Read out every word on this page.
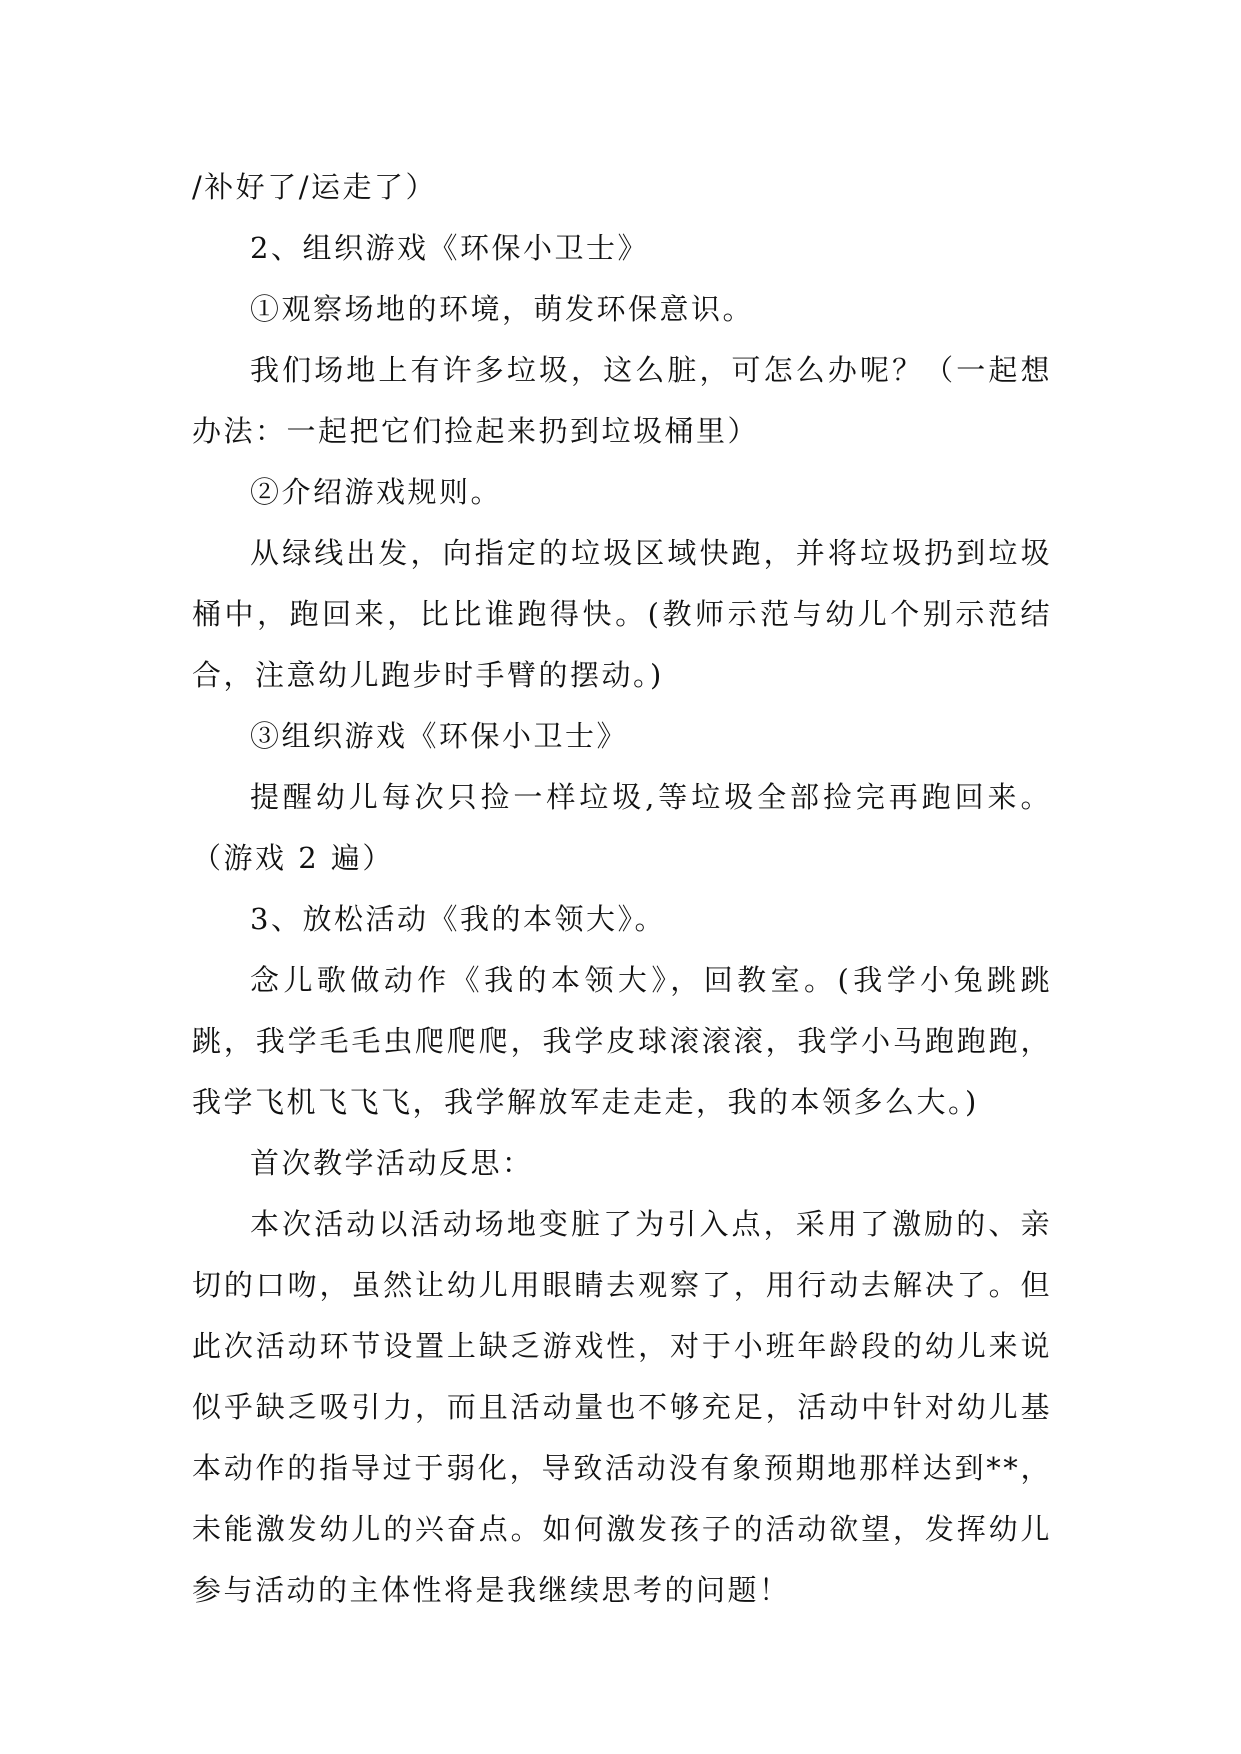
/补好了/运走了）

2、组织游戏《环保小卫士》

①观察场地的环境，萌发环保意识。

我们场地上有许多垃圾，这么脏，可怎么办呢？（一起想办法：一起把它们捡起来扔到垃圾桶里）

②介绍游戏规则。

从绿线出发，向指定的垃圾区域快跑，并将垃圾扔到垃圾桶中，跑回来，比比谁跑得快。(教师示范与幼儿个别示范结合，注意幼儿跑步时手臂的摆动。)

③组织游戏《环保小卫士》

提醒幼儿每次只捡一样垃圾,等垃圾全部捡完再跑回来。（游戏 2 遍）

3、放松活动《我的本领大》。

念儿歌做动作《我的本领大》，回教室。(我学小兔跳跳跳，我学毛毛虫爬爬爬，我学皮球滚滚滚，我学小马跑跑跑，我学飞机飞飞飞，我学解放军走走走，我的本领多么大。)

首次教学活动反思：

本次活动以活动场地变脏了为引入点，采用了激励的、亲切的口吻，虽然让幼儿用眼睛去观察了，用行动去解决了。但此次活动环节设置上缺乏游戏性，对于小班年龄段的幼儿来说似乎缺乏吸引力，而且活动量也不够充足，活动中针对幼儿基本动作的指导过于弱化，导致活动没有象预期地那样达到**，未能激发幼儿的兴奋点。如何激发孩子的活动欲望，发挥幼儿参与活动的主体性将是我继续思考的问题！
